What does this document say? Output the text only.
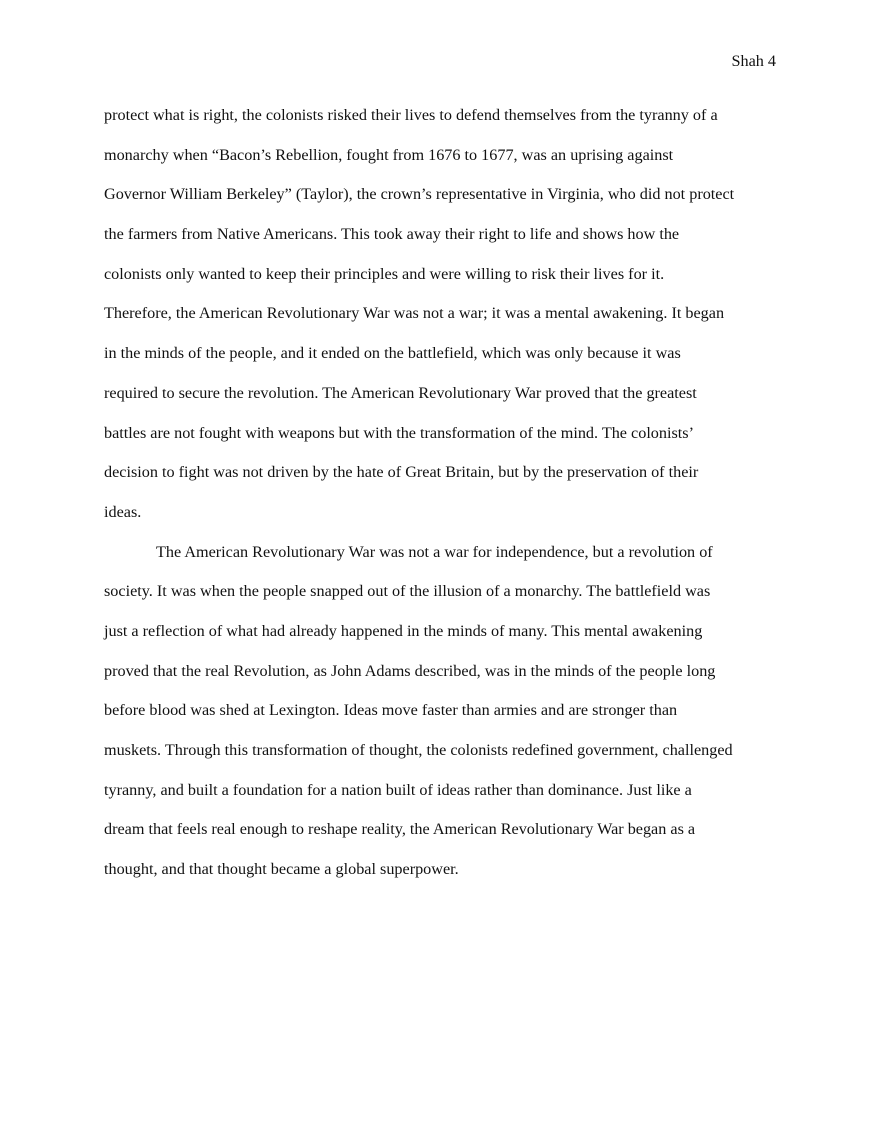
Shah 4
protect what is right, the colonists risked their lives to defend themselves from the tyranny of a
monarchy when “Bacon’s Rebellion, fought from 1676 to 1677, was an uprising against
Governor William Berkeley” (Taylor), the crown’s representative in Virginia, who did not protect
the farmers from Native Americans. This took away their right to life and shows how the
colonists only wanted to keep their principles and were willing to risk their lives for it.
Therefore, the American Revolutionary War was not a war; it was a mental awakening. It began
in the minds of the people, and it ended on the battlefield, which was only because it was
required to secure the revolution. The American Revolutionary War proved that the greatest
battles are not fought with weapons but with the transformation of the mind. The colonists’
decision to fight was not driven by the hate of Great Britain, but by the preservation of their
ideas.
The American Revolutionary War was not a war for independence, but a revolution of
society. It was when the people snapped out of the illusion of a monarchy. The battlefield was
just a reflection of what had already happened in the minds of many. This mental awakening
proved that the real Revolution, as John Adams described, was in the minds of the people long
before blood was shed at Lexington. Ideas move faster than armies and are stronger than
muskets. Through this transformation of thought, the colonists redefined government, challenged
tyranny, and built a foundation for a nation built of ideas rather than dominance. Just like a
dream that feels real enough to reshape reality, the American Revolutionary War began as a
thought, and that thought became a global superpower.
